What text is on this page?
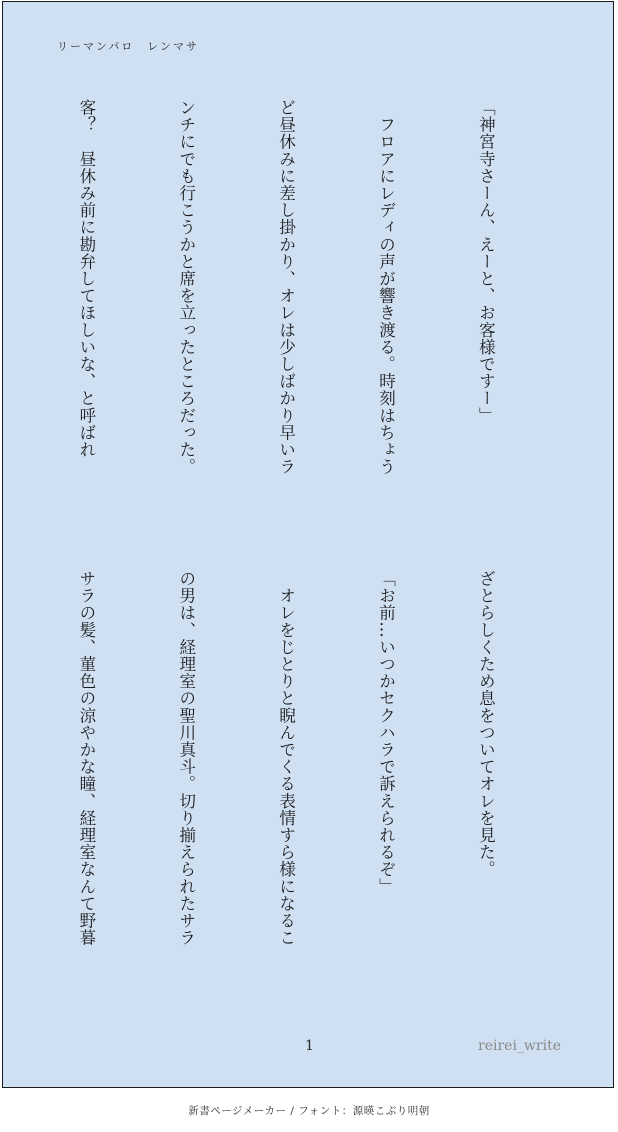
リーマンパロ　レンマサ

「神宮寺さーん、えーと、お客様ですー」

　フロアにレディの声が響き渡る。時刻はちょう

ど昼休みに差し掛かり、オレは少しばかり早いラ

ンチにでも行こうかと席を立ったところだった。

客？　昼休み前に勘弁してほしいな、と呼ばれ

ざとらしくため息をついてオレを見た。

「お前…いつかセクハラで訴えられるぞ」

　オレをじとりと睨んでくる表情すら様になるこ

の男は、経理室の聖川真斗。切り揃えられたサラ

サラの髪、菫色の涼やかな瞳、経理室なんて野暮

1	reirei_write
新書ページメーカー / フォント：源暎こぶり明朝
